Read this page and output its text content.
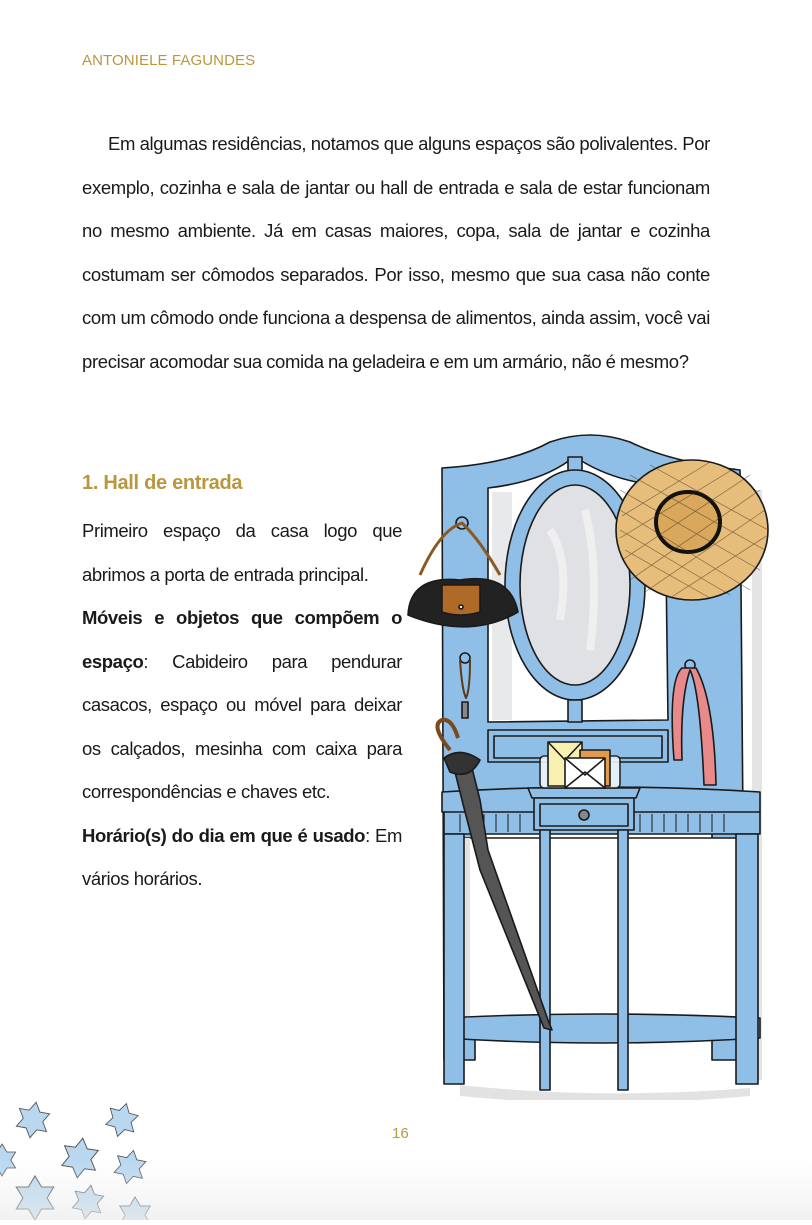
ANTONIELE FAGUNDES

Em algumas residências, notamos que alguns espaços são polivalentes. Por exemplo, cozinha e sala de jantar ou hall de entrada e sala de estar funcionam no mesmo ambiente. Já em casas maiores, copa, sala de jantar e cozinha costumam ser cômodos separados. Por isso, mesmo que sua casa não conte com um cômodo onde funciona a despensa de alimentos, ainda assim, você vai precisar acomodar sua comida na geladeira e em um armário, não é mesmo?

1. Hall de entrada

Primeiro espaço da casa logo que abrimos a porta de entrada principal.

Móveis e objetos que compõem o espaço: Cabideiro para pendurar casacos, espaço ou móvel para deixar os calçados, mesinha com caixa para correspondências e chaves etc.

Horário(s) do dia em que é usado: Em vários horários.

16
